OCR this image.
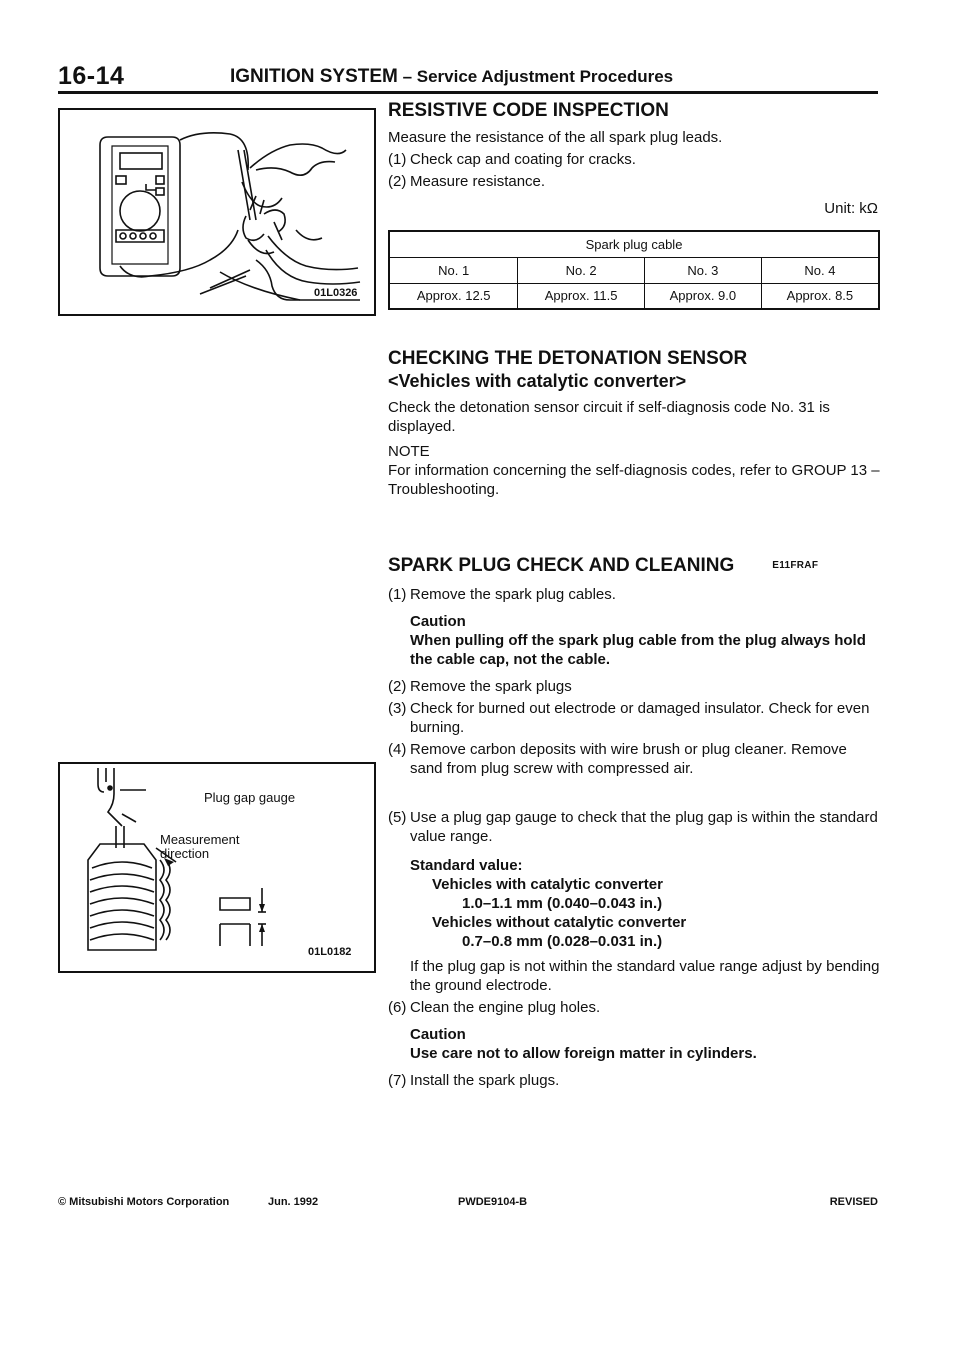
16-14	IGNITION SYSTEM – Service Adjustment Procedures
01L0326
Plug gap gauge
Measurement direction
01L0182
RESISTIVE CODE INSPECTION
Measure the resistance of the all spark plug leads.
(1) Check cap and coating for cracks.
(2) Measure resistance.
Unit: kΩ
Spark plug cable			
No. 1	No. 2	No. 3	No. 4
Approx. 12.5	Approx. 11.5	Approx. 9.0	Approx. 8.5
CHECKING THE DETONATION SENSOR
<Vehicles with catalytic converter>
Check the detonation sensor circuit if self-diagnosis code No. 31 is displayed.
NOTE
For information concerning the self-diagnosis codes, refer to GROUP 13 – Troubleshooting.
SPARK PLUG CHECK AND CLEANING	E11FRAF
(1) Remove the spark plug cables.
Caution
When pulling off the spark plug cable from the plug always hold the cable cap, not the cable.
(2) Remove the spark plugs
(3) Check for burned out electrode or damaged insulator. Check for even burning.
(4) Remove carbon deposits with wire brush or plug cleaner. Remove sand from plug screw with compressed air.
(5) Use a plug gap gauge to check that the plug gap is within the standard value range.
Standard value:
Vehicles with catalytic converter
1.0–1.1 mm (0.040–0.043 in.)
Vehicles without catalytic converter
0.7–0.8 mm (0.028–0.031 in.)
If the plug gap is not within the standard value range adjust by bending the ground electrode.
(6) Clean the engine plug holes.
Caution
Use care not to allow foreign matter in cylinders.
(7) Install the spark plugs.
© Mitsubishi Motors Corporation	Jun. 1992	PWDE9104-B	REVISED
